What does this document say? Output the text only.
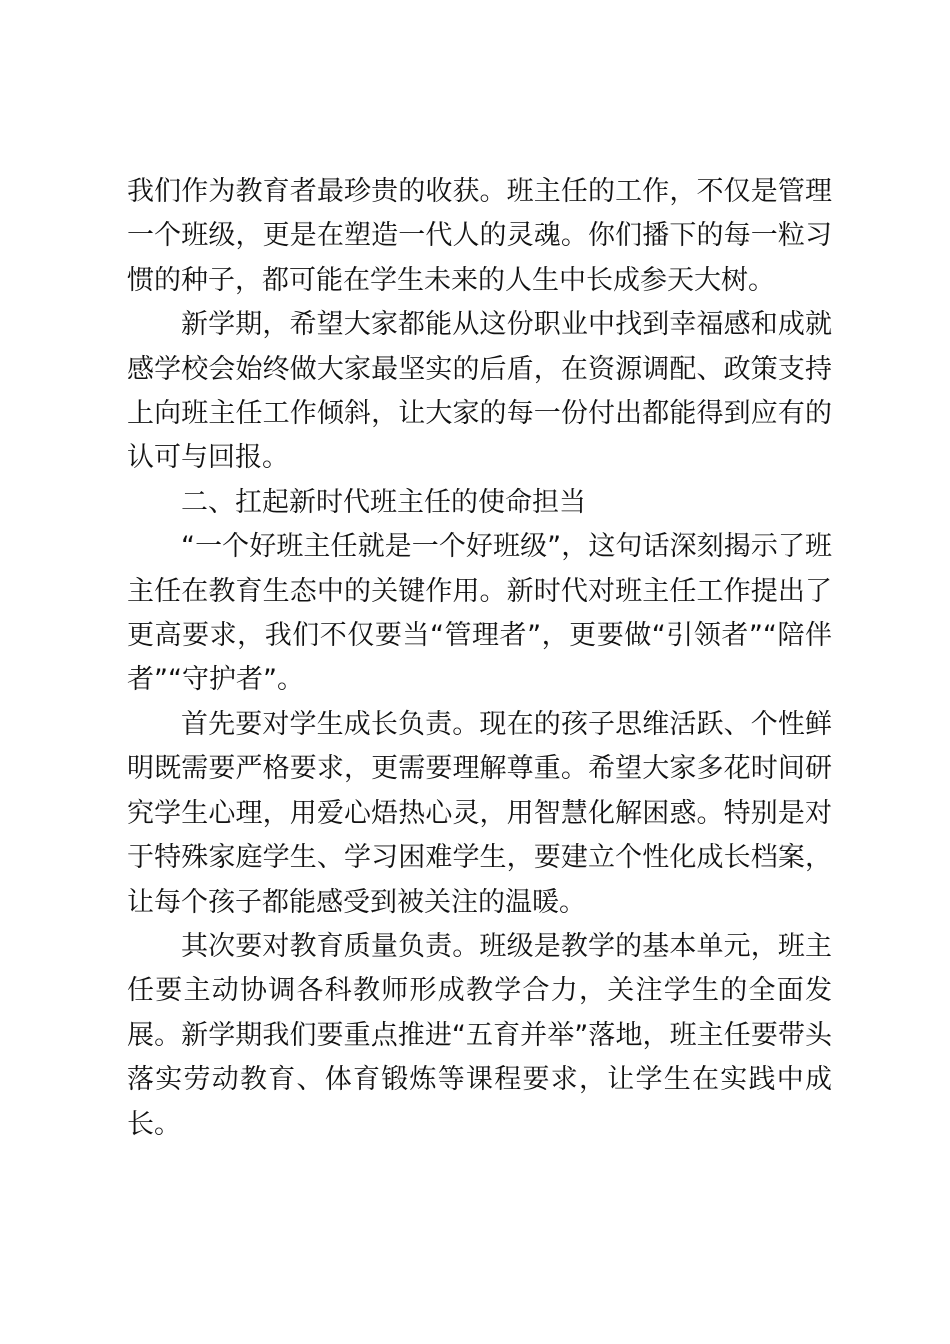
我们作为教育者最珍贵的收获。班主任的工作，不仅是管理一个班级，更是在塑造一代人的灵魂。你们播下的每一粒习惯的种子，都可能在学生未来的人生中长成参天大树。

新学期，希望大家都能从这份职业中找到幸福感和成就感学校会始终做大家最坚实的后盾，在资源调配、政策支持上向班主任工作倾斜，让大家的每一份付出都能得到应有的认可与回报。

二、扛起新时代班主任的使命担当

“一个好班主任就是一个好班级”，这句话深刻揭示了班主任在教育生态中的关键作用。新时代对班主任工作提出了更高要求，我们不仅要当“管理者”，更要做“引领者”“陪伴者”“守护者”。

首先要对学生成长负责。现在的孩子思维活跃、个性鲜明既需要严格要求，更需要理解尊重。希望大家多花时间研究学生心理，用爱心焐热心灵，用智慧化解困惑。特别是对于特殊家庭学生、学习困难学生，要建立个性化成长档案，让每个孩子都能感受到被关注的温暖。

其次要对教育质量负责。班级是教学的基本单元，班主任要主动协调各科教师形成教学合力，关注学生的全面发展。新学期我们要重点推进“五育并举”落地，班主任要带头落实劳动教育、体育锻炼等课程要求，让学生在实践中成长。
